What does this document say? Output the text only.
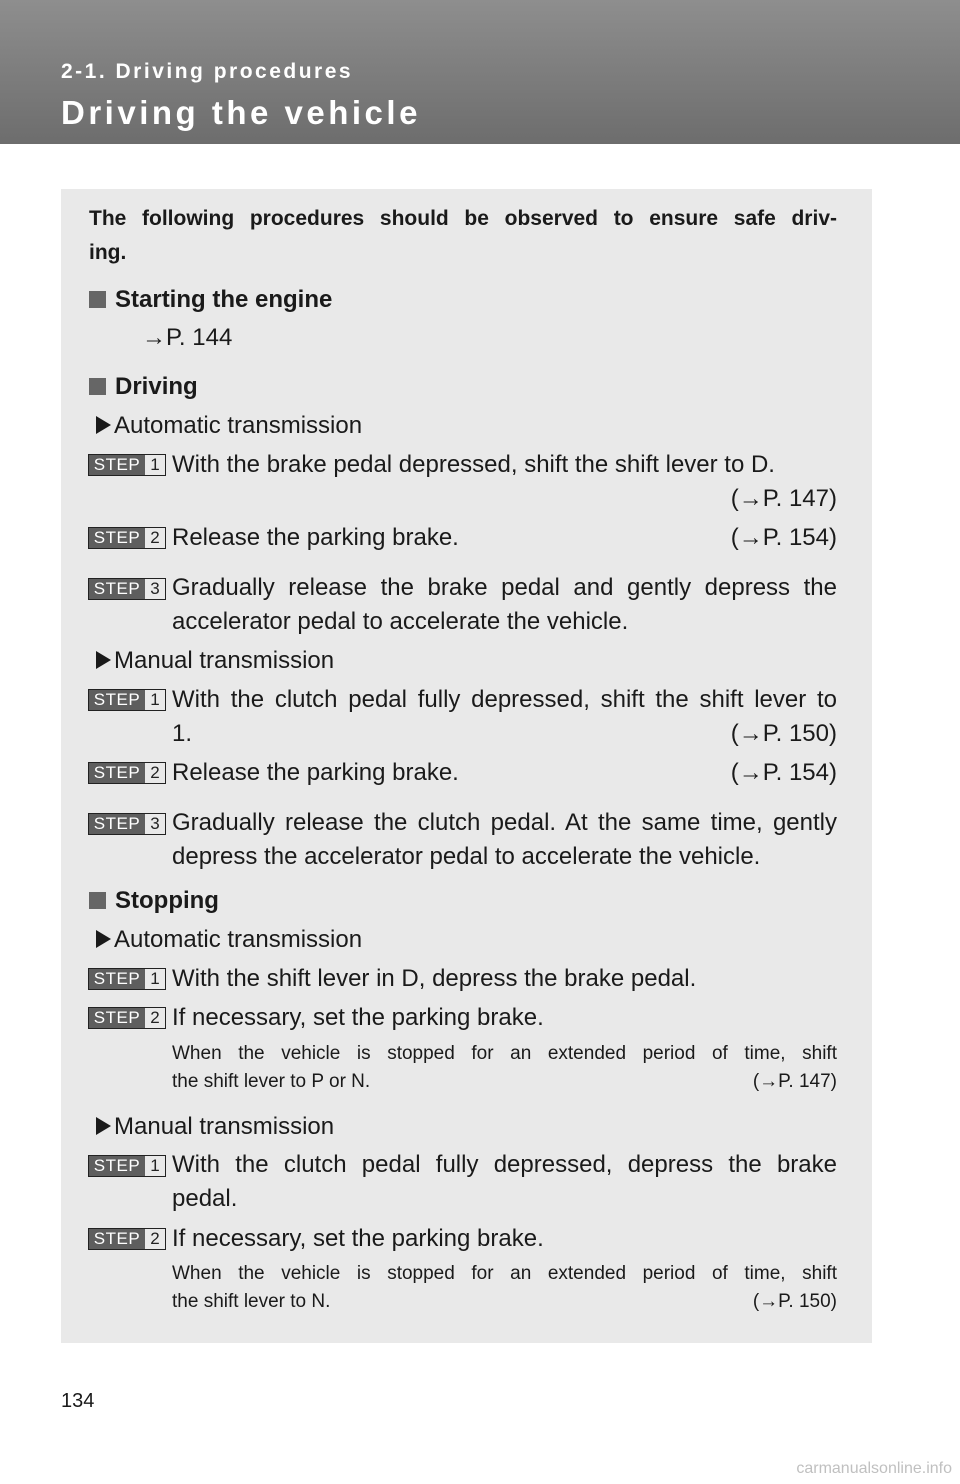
2-1. Driving procedures
Driving the vehicle
The following procedures should be observed to ensure safe driv-
ing.
Starting the engine
→P. 144
Driving
Automatic transmission
STEP 1 With the brake pedal depressed, shift the shift lever to D.
(→P. 147)
STEP 2 Release the parking brake.	(→P. 154)
STEP 3 Gradually release the brake pedal and gently depress the accelerator pedal to accelerate the vehicle.
Manual transmission
STEP 1 With the clutch pedal fully depressed, shift the shift lever to
1.	(→P. 150)
STEP 2 Release the parking brake.	(→P. 154)
STEP 3 Gradually release the clutch pedal. At the same time, gently depress the accelerator pedal to accelerate the vehicle.
Stopping
Automatic transmission
STEP 1 With the shift lever in D, depress the brake pedal.
STEP 2 If necessary, set the parking brake.
When the vehicle is stopped for an extended period of time, shift
the shift lever to P or N.	(→P. 147)
Manual transmission
STEP 1 With the clutch pedal fully depressed, depress the brake pedal.
STEP 2 If necessary, set the parking brake.
When the vehicle is stopped for an extended period of time, shift
the shift lever to N.	(→P. 150)
134
carmanualsonline.info
